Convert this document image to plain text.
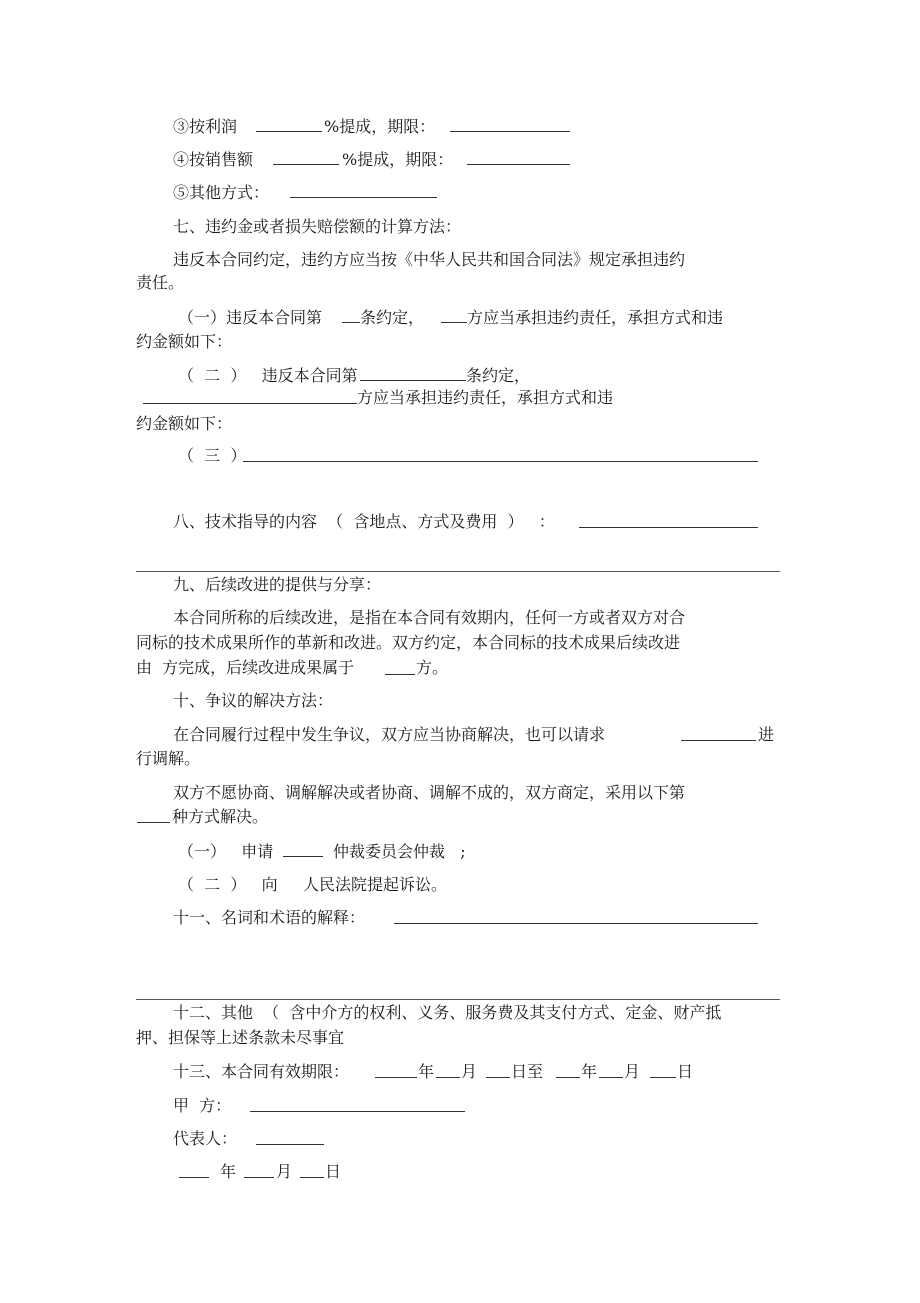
③按利润	%提成，期限：
④按销售额	%提成，期限：
⑤其他方式：
七、违约金或者损失赔偿额的计算方法：
违反本合同约定，违约方应当按《中华人民共和国合同法》规定承担违约
责任。
（一）违反本合同第 条约定，	方应当承担违约责任，承担方式和违
约金额如下：
（  二  ）   违反本合同第	条约定，
方应当承担违约责任，承担方式和违
约金额如下：
（  三  ）
八、技术指导的内容  （  含地点、方式及费用  ）   ：
九、后续改进的提供与分享：
本合同所称的后续改进，是指在本合同有效期内，任何一方或者双方对合
同标的技术成果所作的革新和改进。双方约定，本合同标的技术成果后续改进
由  方完成，后续改进成果属于	方。
十、争议的解决方法：
在合同履行过程中发生争议，双方应当协商解决，也可以请求	进
行调解。
双方不愿协商、调解解决或者协商、调解不成的，双方商定，采用以下第
种方式解决。
（一）   申请	仲裁委员会仲裁   ;
（  二  ）   向     人民法院提起诉讼。
十一、名词和术语的解释：
十二、其他  （  含中介方的权利、义务、服务费及其支付方式、定金、财产抵
押、担保等上述条款未尽事宜
十三、本合同有效期限：	年 月 日至 年 月 日
甲  方：
代表人：
年 月 日
